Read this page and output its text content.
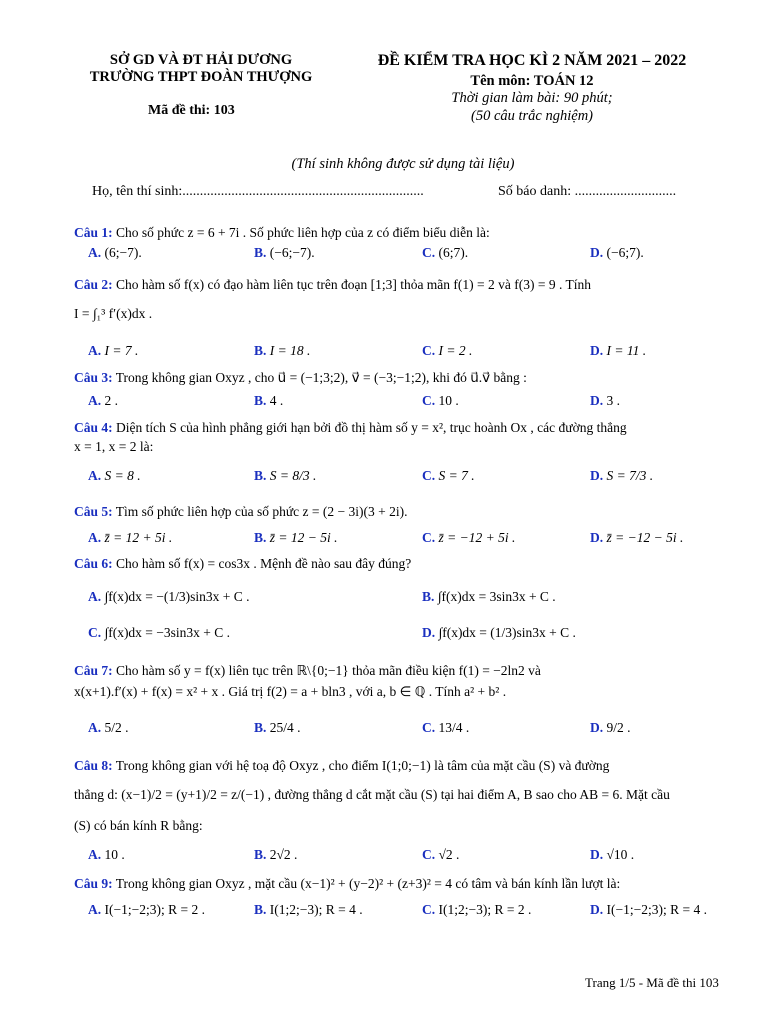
SỞ GD VÀ ĐT HẢI DƯƠNG
TRƯỜNG THPT ĐOÀN THƯỢNG
Mã đề thi: 103
ĐỀ KIỂM TRA HỌC KÌ 2 NĂM 2021 – 2022
Tên môn: TOÁN 12
Thời gian làm bài: 90 phút;
(50 câu trắc nghiệm)
(Thí sinh không được sử dụng tài liệu)
Họ, tên thí sinh:.....................................................................	Số báo danh: .............................
Câu 1: Cho số phức z = 6 + 7i . Số phức liên hợp của z có điểm biểu diễn là:
A. (6;−7).	B. (−6;−7).	C. (6;7).	D. (−6;7).
Câu 2: Cho hàm số f(x) có đạo hàm liên tục trên đoạn [1;3] thỏa mãn f(1) = 2 và f(3) = 9 . Tính
I = ∫₁³ f′(x)dx .
A. I = 7 .	B. I = 18 .	C. I = 2 .	D. I = 11 .
Câu 3: Trong không gian Oxyz , cho u⃗ = (−1;3;2), v⃗ = (−3;−1;2), khi đó u⃗.v⃗ bằng :
A. 2 .	B. 4 .	C. 10 .	D. 3 .
Câu 4: Diện tích S của hình phẳng giới hạn bởi đồ thị hàm số y = x², trục hoành Ox , các đường thẳng
x = 1, x = 2 là:
A. S = 8 .	B. S = 8/3 .	C. S = 7 .	D. S = 7/3 .
Câu 5: Tìm số phức liên hợp của số phức z = (2 − 3i)(3 + 2i).
A. z̄ = 12 + 5i .	B. z̄ = 12 − 5i .	C. z̄ = −12 + 5i .	D. z̄ = −12 − 5i .
Câu 6: Cho hàm số f(x) = cos3x . Mệnh đề nào sau đây đúng?
A. ∫f(x)dx = −(1/3)sin3x + C .	B. ∫f(x)dx = 3sin3x + C .
C. ∫f(x)dx = −3sin3x + C .	D. ∫f(x)dx = (1/3)sin3x + C .
Câu 7: Cho hàm số y = f(x) liên tục trên ℝ\{0;−1} thỏa mãn điều kiện f(1) = −2ln2 và
x(x+1).f′(x) + f(x) = x² + x . Giá trị f(2) = a + bln3 , với a, b ∈ ℚ . Tính a² + b² .
A. 5/2 .	B. 25/4 .	C. 13/4 .	D. 9/2 .
Câu 8: Trong không gian với hệ toạ độ Oxyz , cho điểm I(1;0;−1) là tâm của mặt cầu (S) và đường
thẳng d: (x−1)/2 = (y+1)/2 = z/(−1) , đường thẳng d cắt mặt cầu (S) tại hai điểm A, B sao cho AB = 6. Mặt cầu
(S) có bán kính R bằng:
A. 10 .	B. 2√2 .	C. √2 .	D. √10 .
Câu 9: Trong không gian Oxyz , mặt cầu (x−1)² + (y−2)² + (z+3)² = 4 có tâm và bán kính lần lượt là:
A. I(−1;−2;3); R = 2 .	B. I(1;2;−3); R = 4 .	C. I(1;2;−3); R = 2 .	D. I(−1;−2;3); R = 4 .
Trang 1/5 - Mã đề thi 103
